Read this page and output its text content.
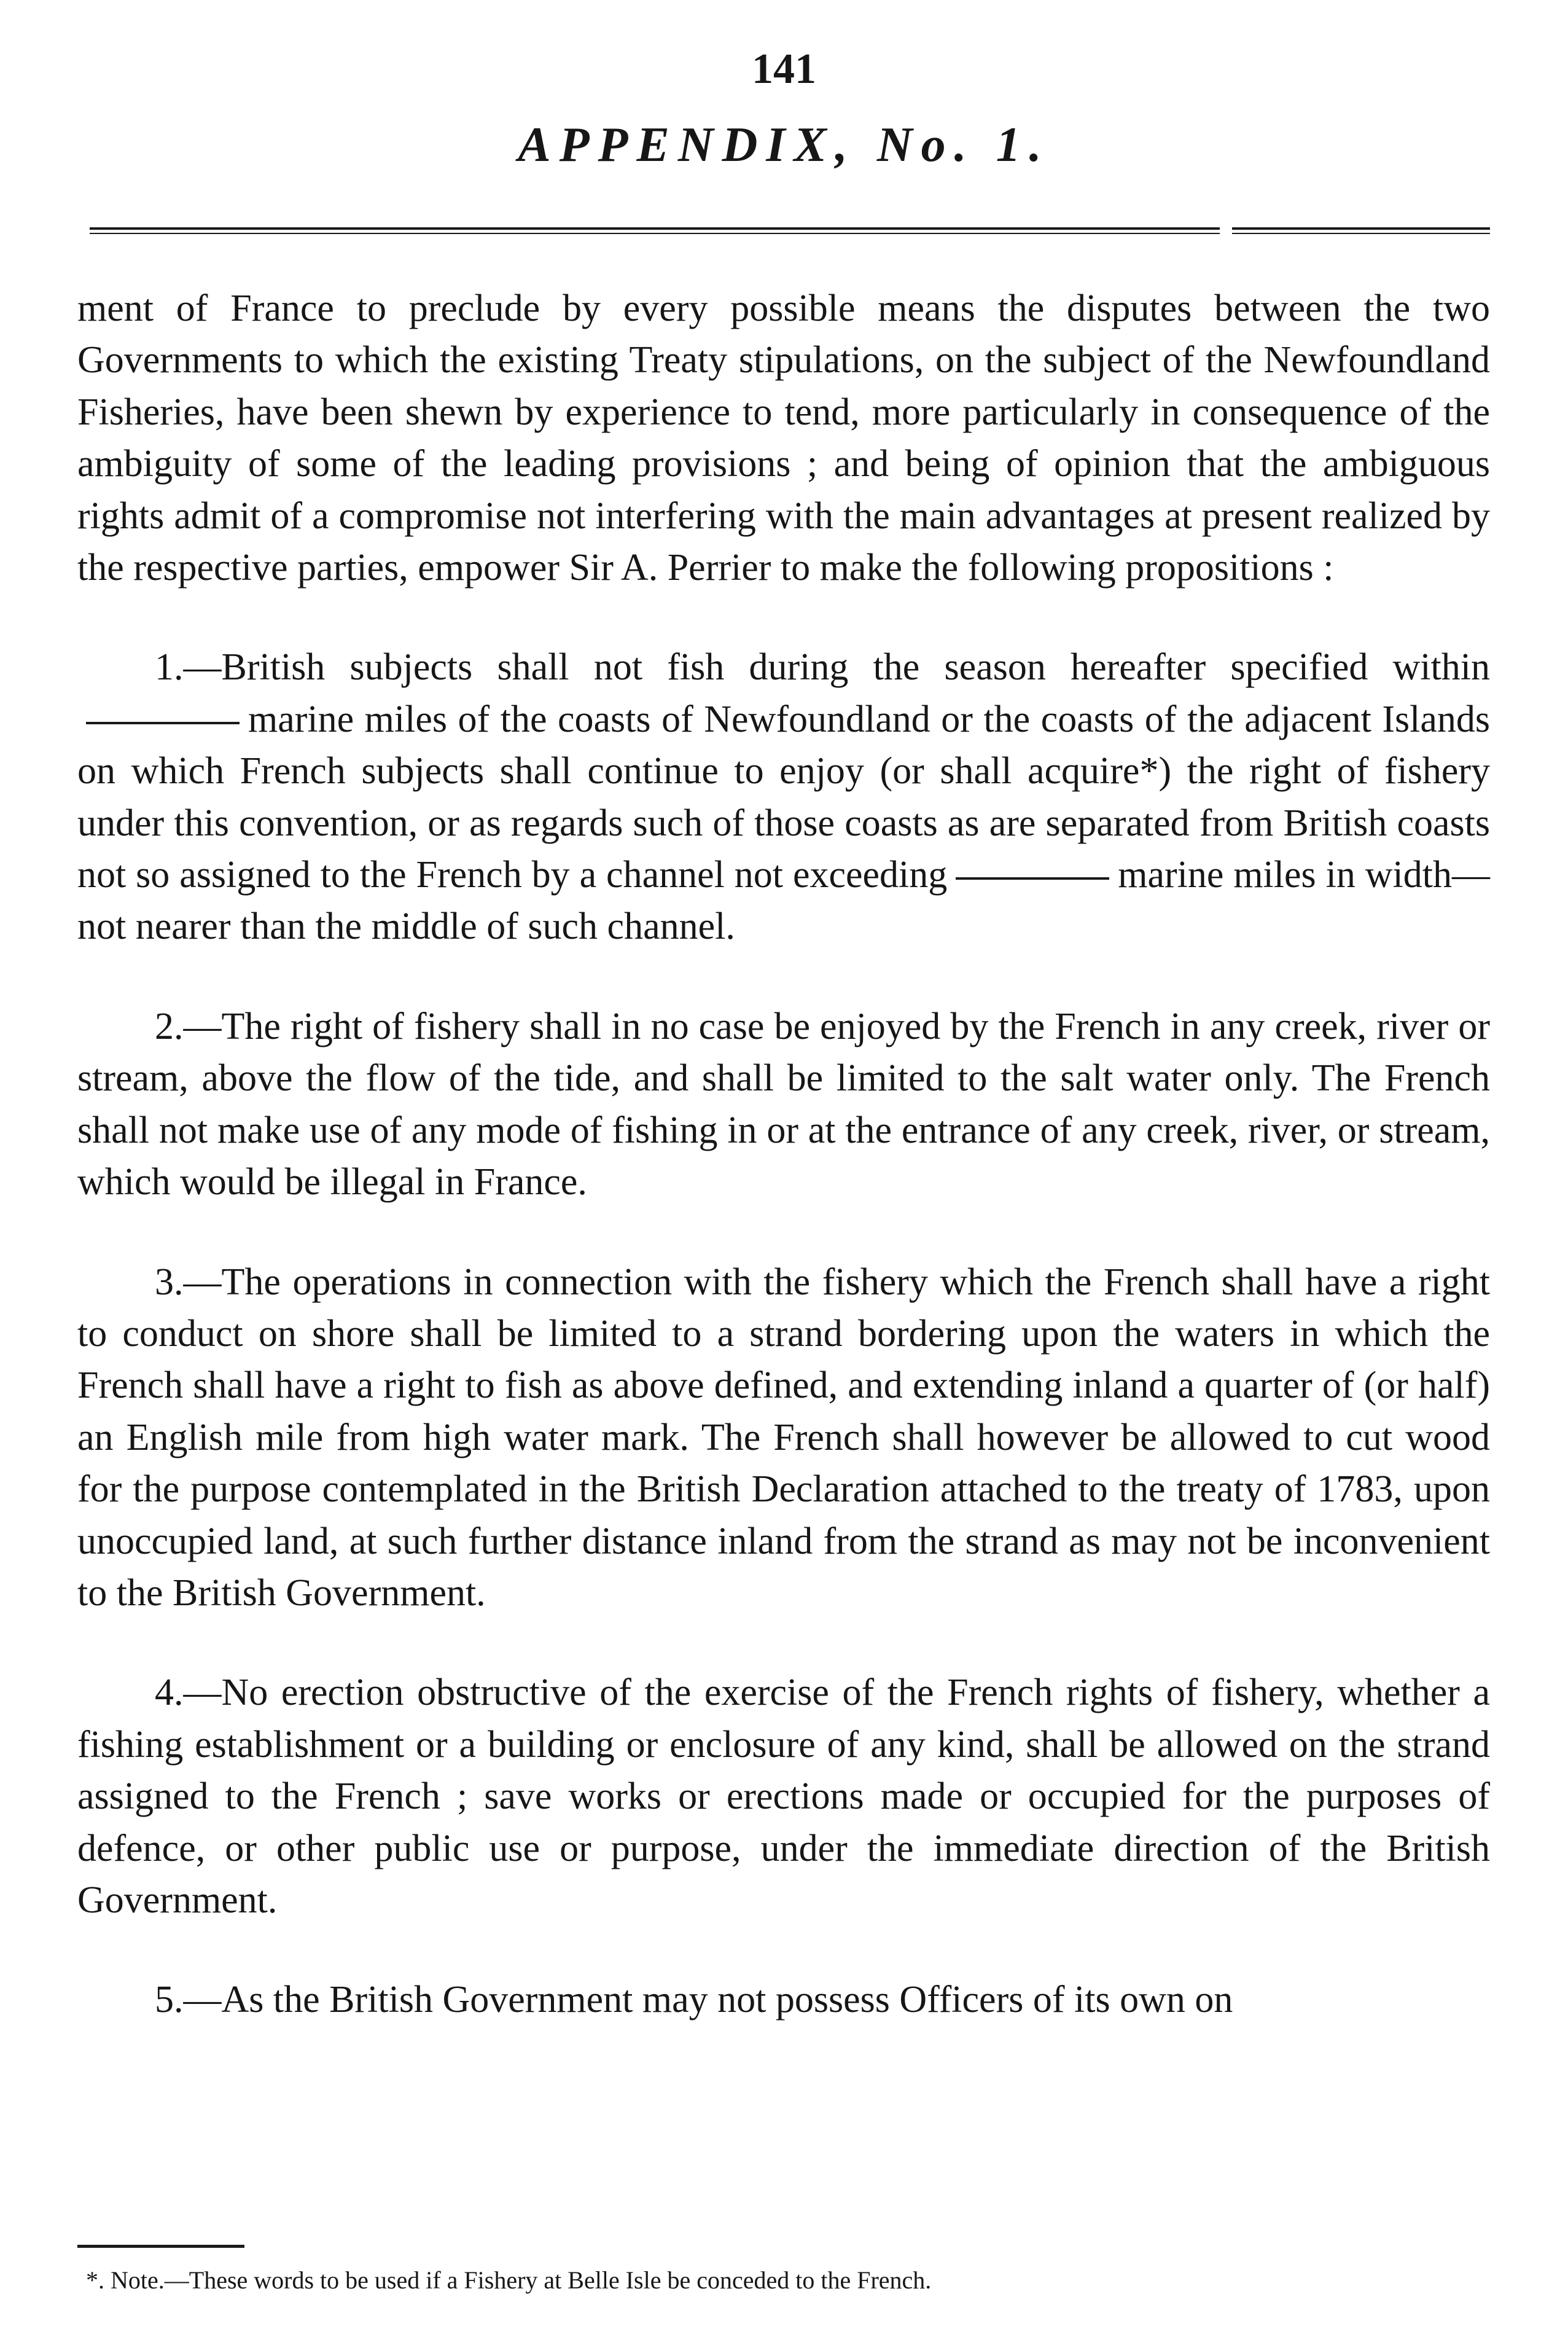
141
APPENDIX, No. 1.

ment of France to preclude by every possible means the disputes between the two Governments to which the existing Treaty stipulations, on the subject of the Newfoundland Fisheries, have been shewn by experience to tend, more particularly in consequence of the ambiguity of some of the leading provisions ; and being of opinion that the ambiguous rights admit of a compromise not interfering with the main advantages at present realized by the respective parties, empower Sir A. Perrier to make the following propositions :

1.—British subjects shall not fish during the season hereafter specified withinmarine miles of the coasts of Newfoundland or the coasts of the adjacent Islands on which French subjects shall continue to enjoy (or shall acquire*) the right of fishery under this convention, or as regards such of those coasts as are separated from British coasts not so assigned to the French by a channel not exceeding	marine miles in width—not nearer than the middle of such channel.

2.—The right of fishery shall in no case be enjoyed by the French in any creek, river or stream, above the flow of the tide, and shall be limited to the salt water only. The French shall not make use of any mode of fishing in or at the entrance of any creek, river, or stream, which would be illegal in France.

3.—The operations in connection with the fishery which the French shall have a right to conduct on shore shall be limited to a strand bordering upon the waters in which the French shall have a right to fish as above defined, and extending inland a quarter of (or half) an English mile from high water mark. The French shall however be allowed to cut wood for the purpose contemplated in the British Declaration attached to the treaty of 1783, upon unoccupied land, at such further distance inland from the strand as may not be inconvenient to the British Government.

4.—No erection obstructive of the exercise of the French rights of fishery, whether a fishing establishment or a building or enclosure of any kind, shall be allowed on the strand assigned to the French ; save works or erections made or occupied for the purposes of defence, or other public use or purpose, under the immediate direction of the British Government.

5.—As the British Government may not possess Officers of its own on

*. Note.—These words to be used if a Fishery at Belle Isle be conceded to the French.
